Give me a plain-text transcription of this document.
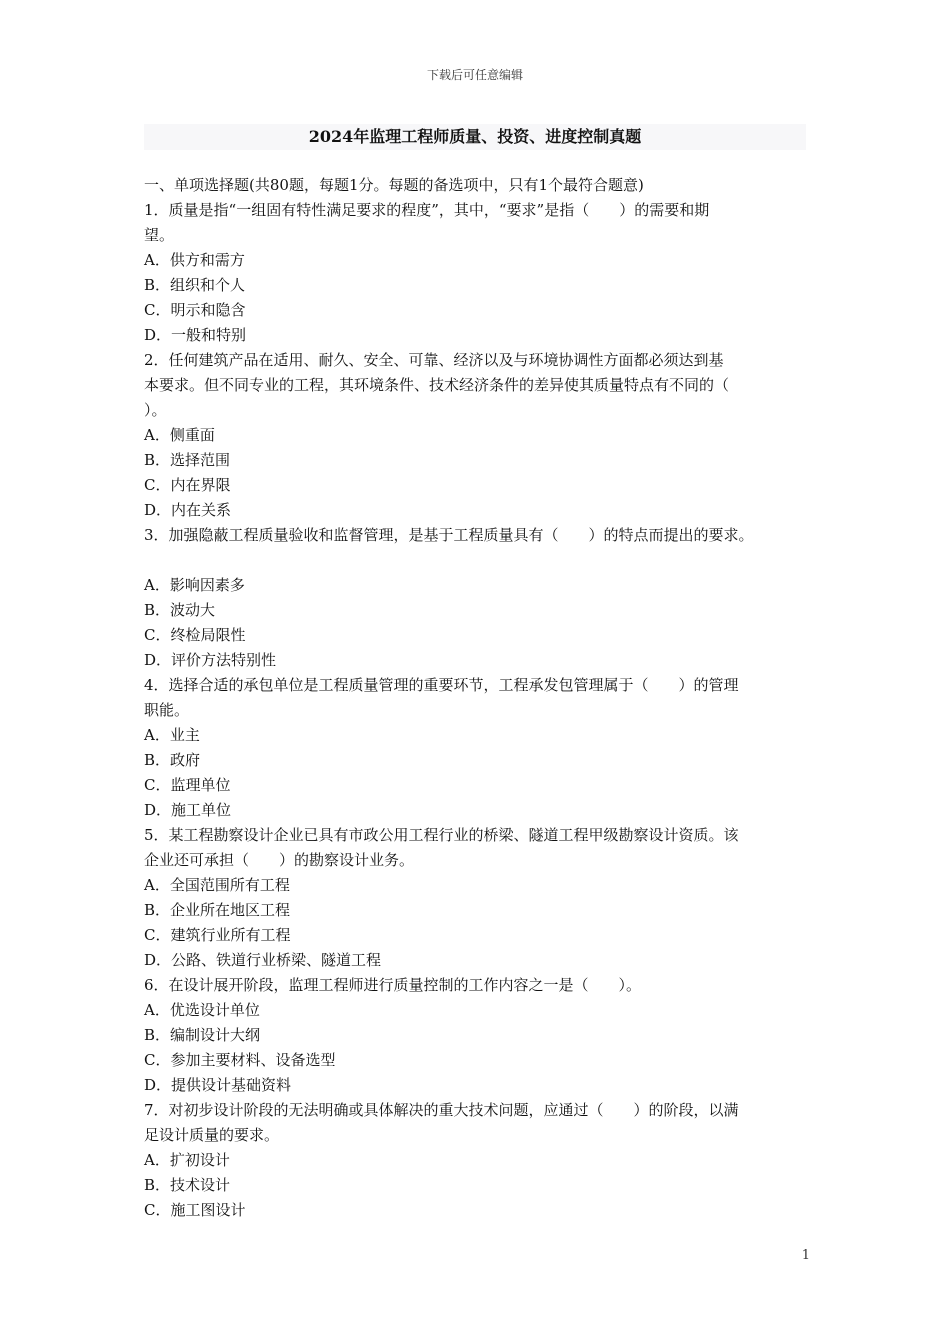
下载后可任意编辑
2024年监理工程师质量、投资、进度控制真题
一、单项选择题(共80题，每题1分。每题的备选项中，只有1个最符合题意)
1．质量是指“一组固有特性满足要求的程度”，其中，“要求”是指（　　）的需要和期
望。
A．供方和需方
B．组织和个人
C．明示和隐含
D．一般和特别
2．任何建筑产品在适用、耐久、安全、可靠、经济以及与环境协调性方面都必须达到基
本要求。但不同专业的工程，其环境条件、技术经济条件的差异使其质量特点有不同的（
）。
A．侧重面
B．选择范围
C．内在界限
D．内在关系
3．加强隐蔽工程质量验收和监督管理，是基于工程质量具有（　　）的特点而提出的要求。
A．影响因素多
B．波动大
C．终检局限性
D．评价方法特别性
4．选择合适的承包单位是工程质量管理的重要环节，工程承发包管理属于（　　）的管理
职能。
A．业主
B．政府
C．监理单位
D．施工单位
5．某工程勘察设计企业已具有市政公用工程行业的桥梁、隧道工程甲级勘察设计资质。该
企业还可承担（　　）的勘察设计业务。
A．全国范围所有工程
B．企业所在地区工程
C．建筑行业所有工程
D．公路、铁道行业桥梁、隧道工程
6．在设计展开阶段，监理工程师进行质量控制的工作内容之一是（　　）。
A．优选设计单位
B．编制设计大纲
C．参加主要材料、设备选型
D．提供设计基础资料
7．对初步设计阶段的无法明确或具体解决的重大技术问题，应通过（　　）的阶段，以满
足设计质量的要求。
A．扩初设计
B．技术设计
C．施工图设计
1
